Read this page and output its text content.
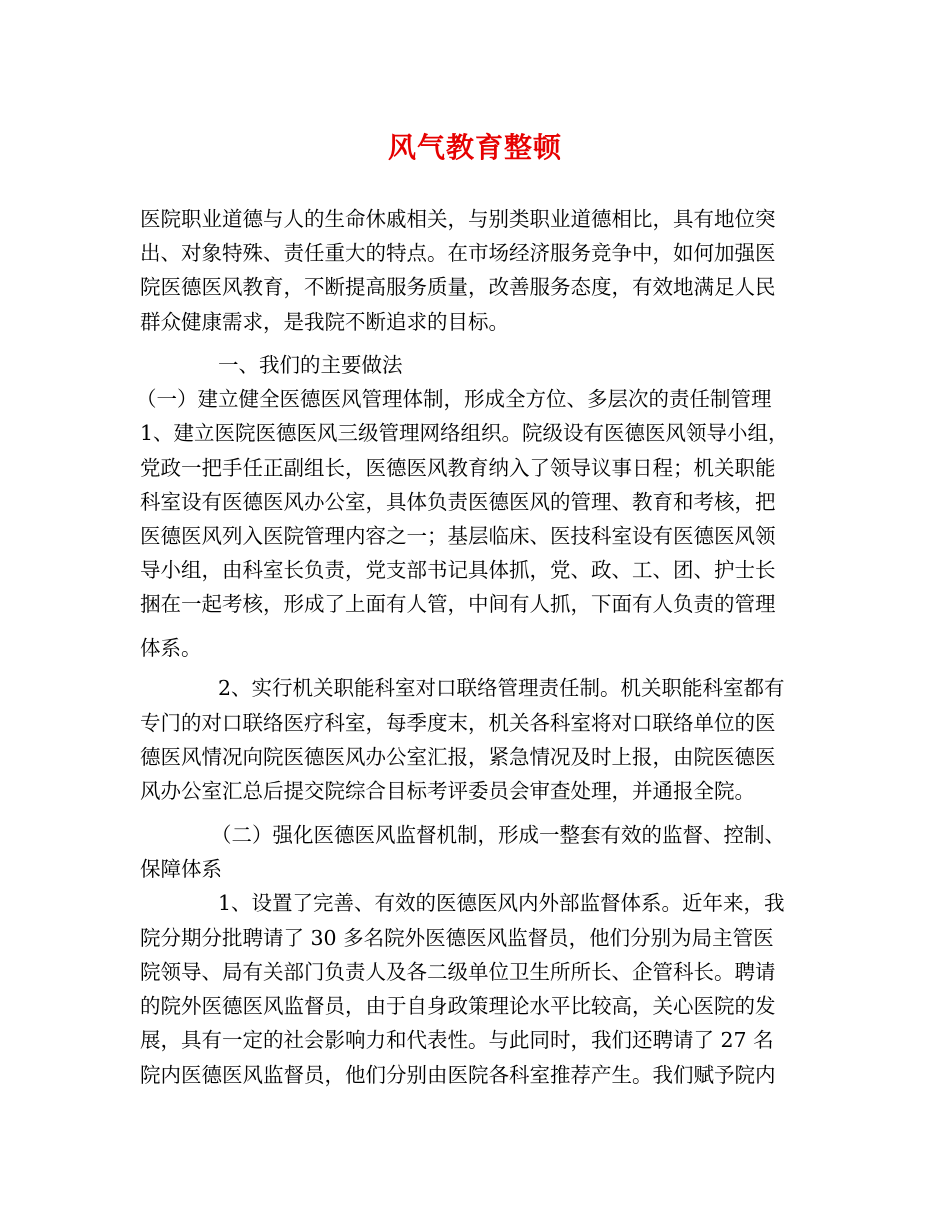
风气教育整顿
医院职业道德与人的生命休戚相关，与别类职业道德相比，具有地位突
出、对象特殊、责任重大的特点。在市场经济服务竞争中，如何加强医
院医德医风教育，不断提高服务质量，改善服务态度，有效地满足人民
群众健康需求，是我院不断追求的目标。
一、我们的主要做法
（一）建立健全医德医风管理体制，形成全方位、多层次的责任制管理
1、建立医院医德医风三级管理网络组织。院级设有医德医风领导小组，
党政一把手任正副组长，医德医风教育纳入了领导议事日程；机关职能
科室设有医德医风办公室，具体负责医德医风的管理、教育和考核，把
医德医风列入医院管理内容之一；基层临床、医技科室设有医德医风领
导小组，由科室长负责，党支部书记具体抓，党、政、工、团、护士长
捆在一起考核，形成了上面有人管，中间有人抓，下面有人负责的管理
体系。
2、实行机关职能科室对口联络管理责任制。机关职能科室都有
专门的对口联络医疗科室，每季度末，机关各科室将对口联络单位的医
德医风情况向院医德医风办公室汇报，紧急情况及时上报，由院医德医
风办公室汇总后提交院综合目标考评委员会审查处理，并通报全院。
（二）强化医德医风监督机制，形成一整套有效的监督、控制、
保障体系
1、设置了完善、有效的医德医风内外部监督体系。近年来，我
院分期分批聘请了 30 多名院外医德医风监督员，他们分别为局主管医
院领导、局有关部门负责人及各二级单位卫生所所长、企管科长。聘请
的院外医德医风监督员，由于自身政策理论水平比较高，关心医院的发
展，具有一定的社会影响力和代表性。与此同时，我们还聘请了 27 名
院内医德医风监督员，他们分别由医院各科室推荐产生。我们赋予院内
